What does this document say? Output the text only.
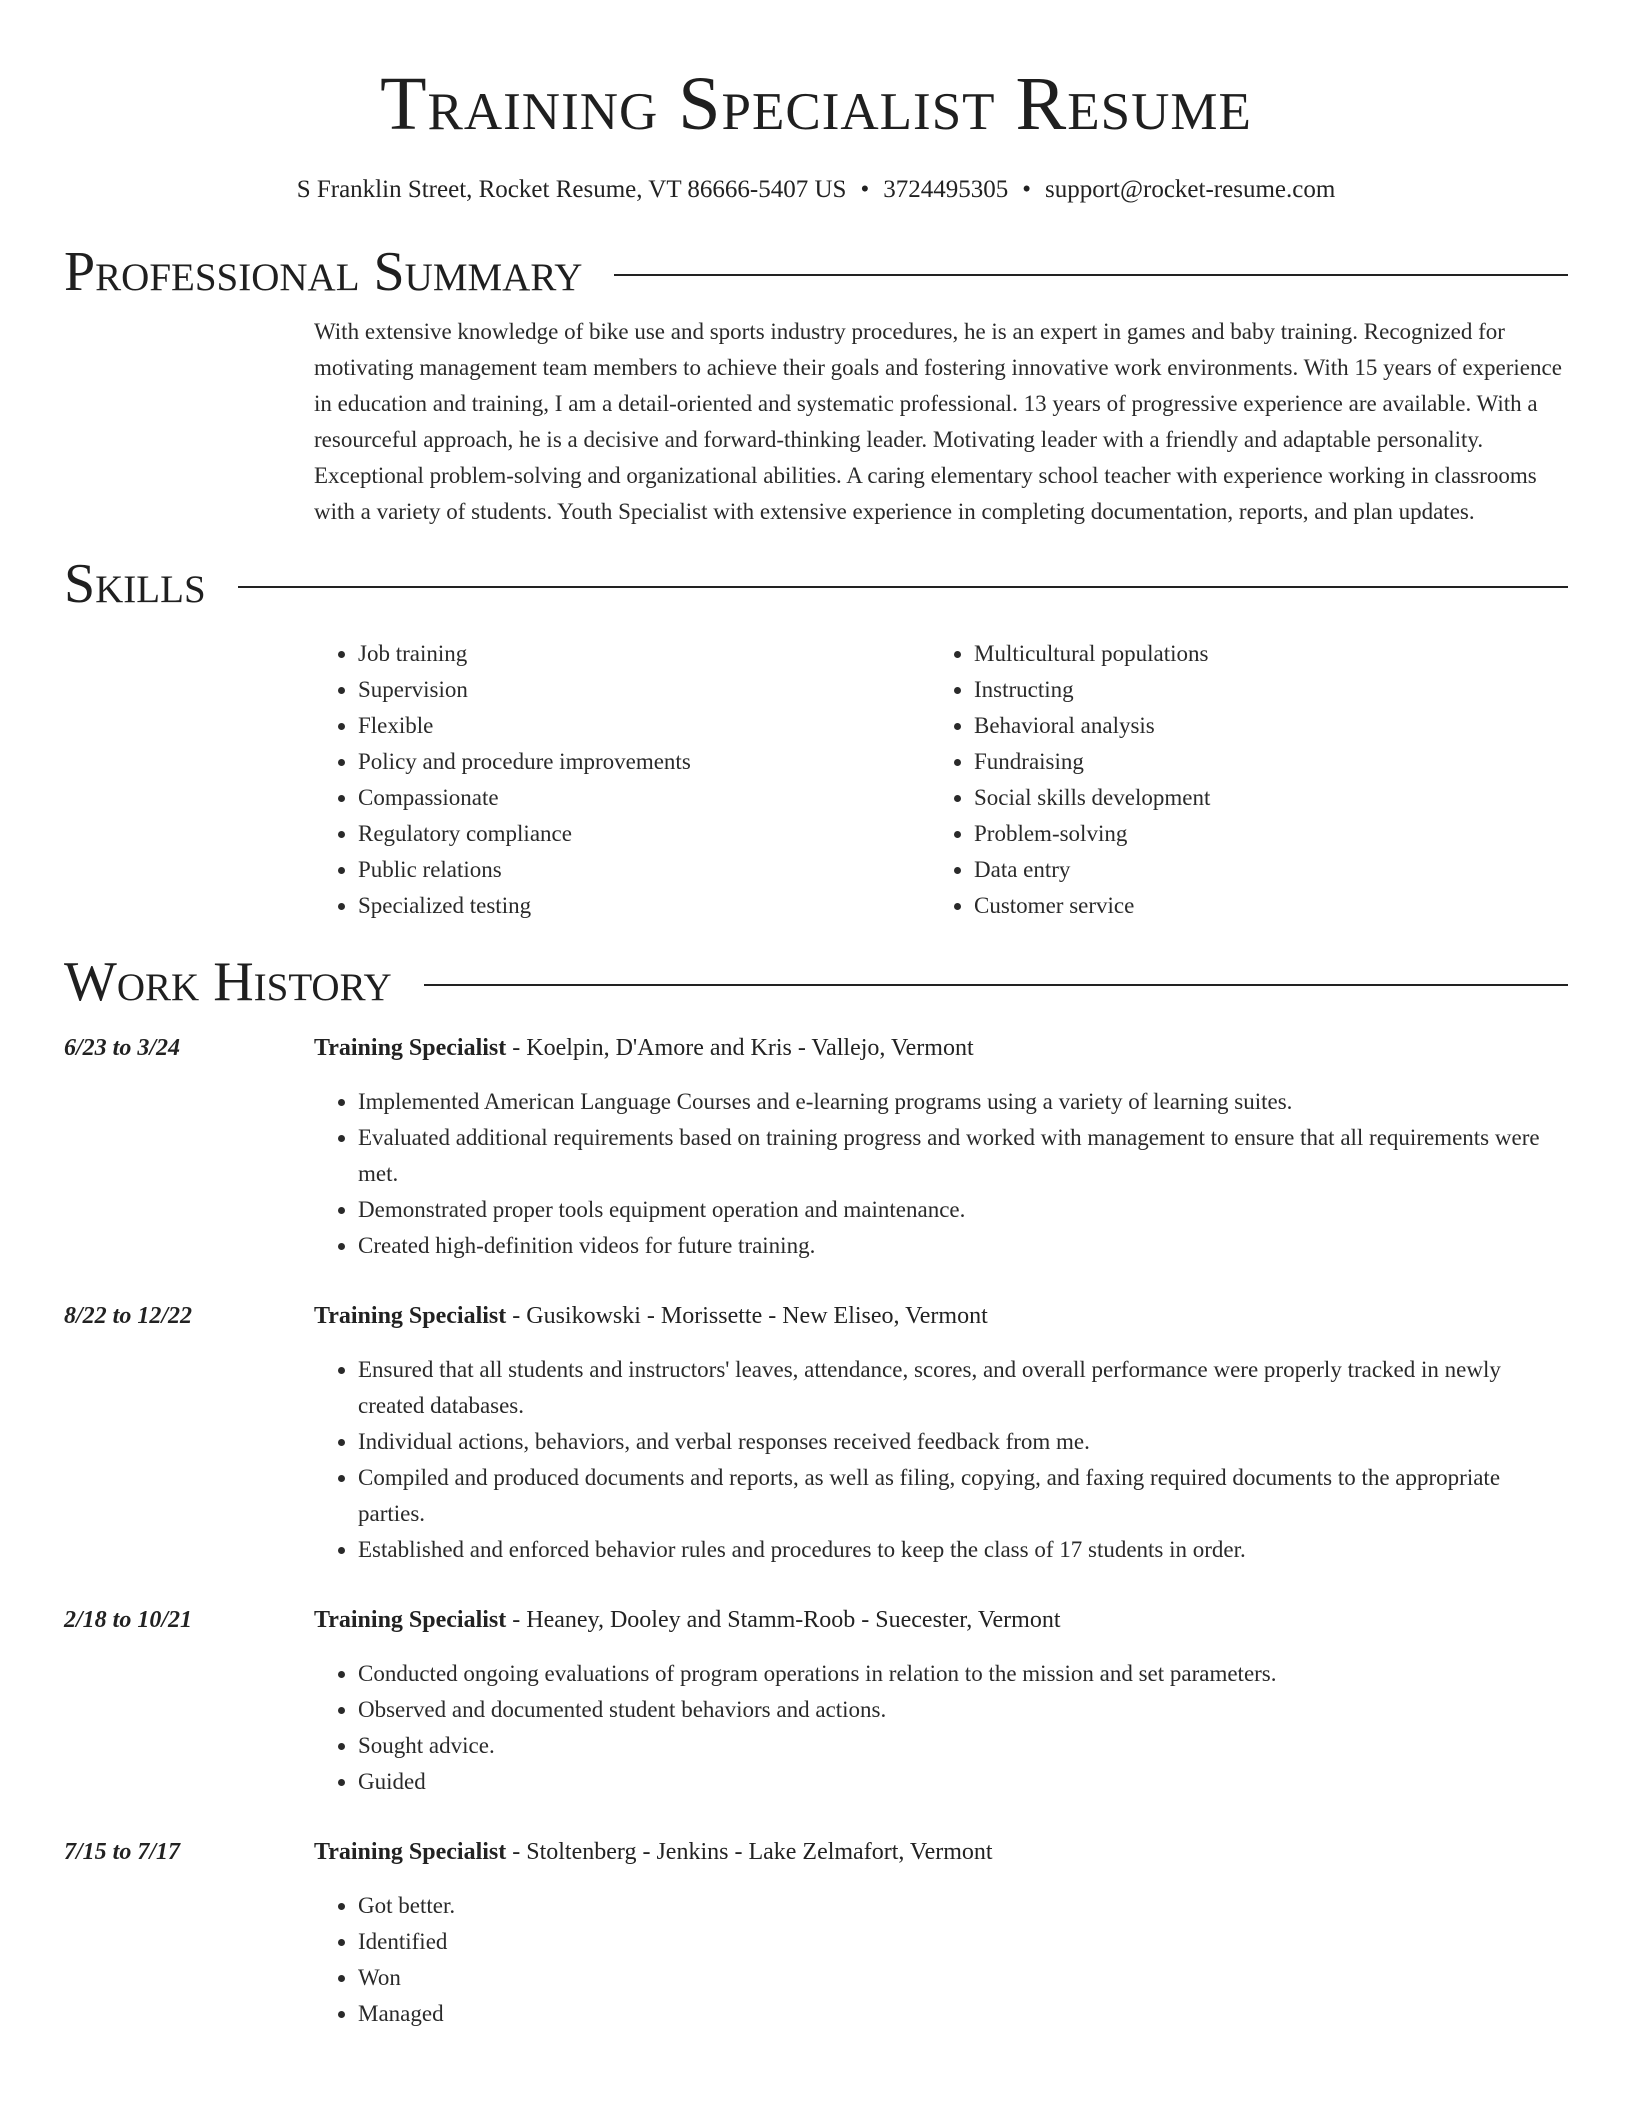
Training Specialist Resume
S Franklin Street, Rocket Resume, VT 86666-5407 US • 3724495305 • support@rocket-resume.com
Professional Summary

With extensive knowledge of bike use and sports industry procedures, he is an expert in games and baby training. Recognized for motivating management team members to achieve their goals and fostering innovative work environments. With 15 years of experience in education and training, I am a detail-oriented and systematic professional. 13 years of progressive experience are available. With a resourceful approach, he is a decisive and forward-thinking leader. Motivating leader with a friendly and adaptable personality. Exceptional problem-solving and organizational abilities. A caring elementary school teacher with experience working in classrooms with a variety of students. Youth Specialist with extensive experience in completing documentation, reports, and plan updates.

Skills
• Job training
• Supervision
• Flexible
• Policy and procedure improvements
• Compassionate
• Regulatory compliance
• Public relations
• Specialized testing
• Multicultural populations
• Instructing
• Behavioral analysis
• Fundraising
• Social skills development
• Problem-solving
• Data entry
• Customer service
Work History
6/23 to 3/24	Training Specialist - Koelpin, D'Amore and Kris - Vallejo, Vermont
• Implemented American Language Courses and e-learning programs using a variety of learning suites.
• Evaluated additional requirements based on training progress and worked with management to ensure that all requirements were met.
• Demonstrated proper tools equipment operation and maintenance.
• Created high-definition videos for future training.
8/22 to 12/22	Training Specialist - Gusikowski - Morissette - New Eliseo, Vermont
• Ensured that all students and instructors' leaves, attendance, scores, and overall performance were properly tracked in newly created databases.
• Individual actions, behaviors, and verbal responses received feedback from me.
• Compiled and produced documents and reports, as well as filing, copying, and faxing required documents to the appropriate parties.
• Established and enforced behavior rules and procedures to keep the class of 17 students in order.
2/18 to 10/21	Training Specialist - Heaney, Dooley and Stamm-Roob - Suecester, Vermont
• Conducted ongoing evaluations of program operations in relation to the mission and set parameters.
• Observed and documented student behaviors and actions.
• Sought advice.
• Guided
7/15 to 7/17	Training Specialist - Stoltenberg - Jenkins - Lake Zelmafort, Vermont
• Got better.
• Identified
• Won
• Managed
